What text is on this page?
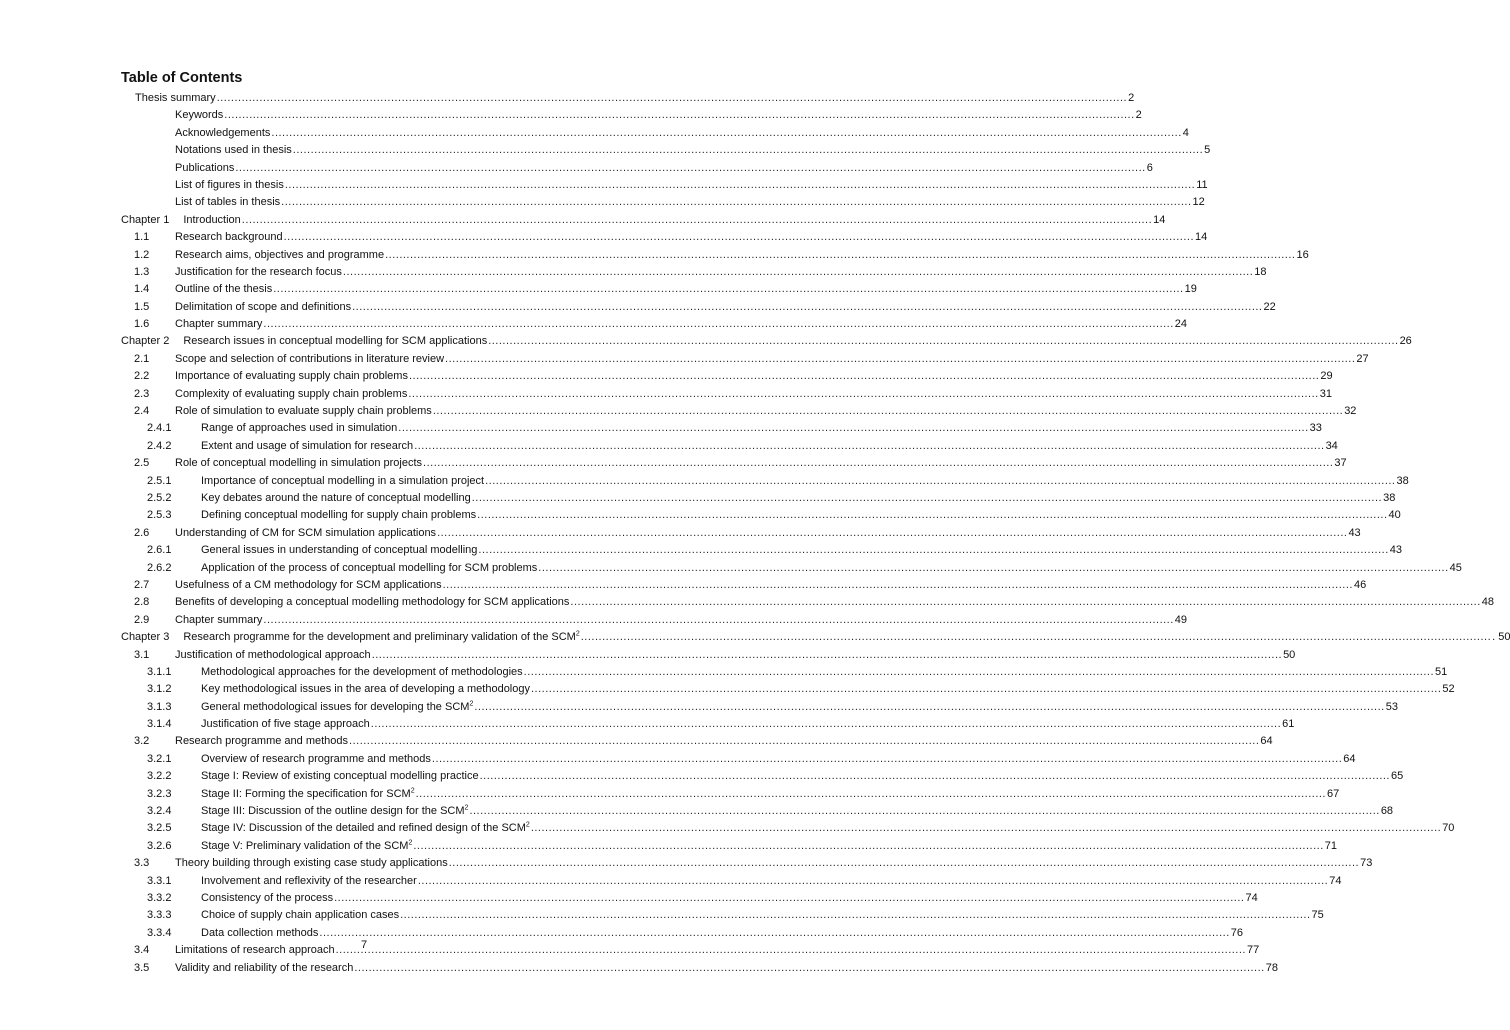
Table of Contents
Thesis summary .....	2
Keywords .....	2
Acknowledgements .....	4
Notations used in thesis .....	5
Publications .....	6
List of figures in thesis .....	11
List of tables in thesis .....	12
Chapter 1 Introduction .....	14
1.1	Research background .....	14
1.2	Research aims, objectives and programme .....	16
1.3	Justification for the research focus .....	18
1.4	Outline of the thesis .....	19
1.5	Delimitation of scope and definitions .....	22
1.6	Chapter summary .....	24
Chapter 2 Research issues in conceptual modelling for SCM applications .....	26
2.1	Scope and selection of contributions in literature review .....	27
2.2	Importance of evaluating supply chain problems .....	29
2.3	Complexity of evaluating supply chain problems .....	31
2.4	Role of simulation to evaluate supply chain problems .....	32
2.4.1	Range of approaches used in simulation .....	33
2.4.2	Extent and usage of simulation for research .....	34
2.5	Role of conceptual modelling in simulation projects .....	37
2.5.1	Importance of conceptual modelling in a simulation project .....	38
2.5.2	Key debates around the nature of conceptual modelling .....	38
2.5.3	Defining conceptual modelling for supply chain problems .....	40
2.6	Understanding of CM for SCM simulation applications .....	43
2.6.1	General issues in understanding of conceptual modelling .....	43
2.6.2	Application of the process of conceptual modelling for SCM problems .....	45
2.7	Usefulness of a CM methodology for SCM applications .....	46
2.8	Benefits of developing a conceptual modelling methodology for SCM applications .....	48
2.9	Chapter summary .....	49
Chapter 3 Research programme for the development and preliminary validation of the SCM$^2$ .....	. 50
3.1	Justification of methodological approach .....	50
3.1.1	Methodological approaches for the development of methodologies .....	51
3.1.2	Key methodological issues in the area of developing a methodology .....	52
3.1.3	General methodological issues for developing the SCM$^2$ .....	53
3.1.4	Justification of five stage approach .....	61
3.2	Research programme and methods .....	64
3.2.1	Overview of research programme and methods .....	64
3.2.2	Stage I: Review of existing conceptual modelling practice .....	65
3.2.3	Stage II: Forming the specification for SCM$^2$ .....	67
3.2.4	Stage III: Discussion of the outline design for the SCM$^2$ .....	68
3.2.5	Stage IV: Discussion of the detailed and refined design of the SCM$^2$ .....	70
3.2.6	Stage V: Preliminary validation of the SCM$^2$ .....	71
3.3	Theory building through existing case study applications .....	73
3.3.1	Involvement and reflexivity of the researcher .....	74
3.3.2	Consistency of the process .....	74
3.3.3	Choice of supply chain application cases .....	75
3.3.4	Data collection methods .....	76
3.4	Limitations of research approach .....	77
3.5	Validity and reliability of the research .....	78
7
